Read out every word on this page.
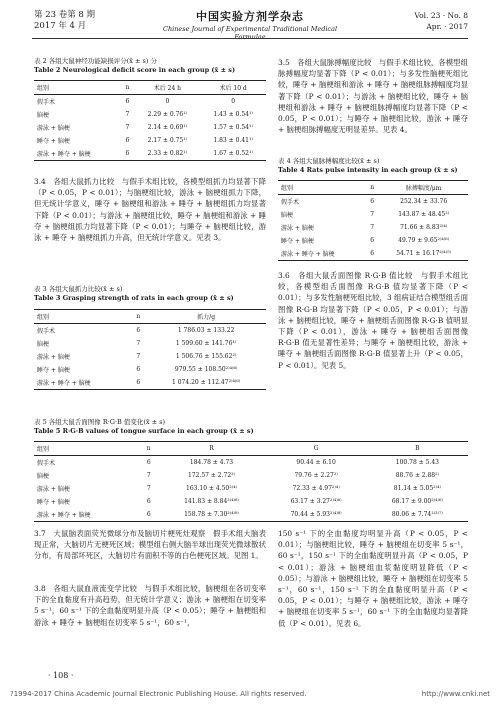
第 23 卷第 8 期
2017 年 4 月
中国实验方剂学杂志
Chinese Journal of Experimental Traditional Medical Formulae
Vol. 23 · No. 8
Apr. · 2017
表 2 各组大鼠神经功能缺损评分(x̄ ± s) 分
Table 2 Neurological deficit score in each group (x̄ ± s)
组别	n	术后 24 h	术后 10 d
假手术	6	0	0
脑梗	7	2.29 ± 0.76¹⁾	1.43 ± 0.54¹⁾
游泳 + 脑梗	7	2.14 ± 0.69¹⁾	1.57 ± 0.54¹⁾
睡夺 + 脑梗	6	2.17 ± 0.75¹⁾	1.83 ± 0.41¹⁾
游泳 + 睡夺 + 脑梗	6	2.33 ± 0.82¹⁾	1.67 ± 0.52¹⁾
3.4　各组大鼠抓力比较　与假手术组比较，各模型组抓力均显著下降（P < 0.05，P < 0.01）；与脑梗组比较，游泳 + 脑梗组抓力下降，但无统计学意义，睡夺 + 脑梗组和游泳 + 睡夺 + 脑梗组抓力均显著下降（P < 0.01）；与游泳 + 脑梗组比较，睡夺 + 脑梗组和游泳 + 睡夺 + 脑梗组抓力均显著下降（P < 0.01）；与睡夺 + 脑梗组比较，游泳 + 睡夺 + 脑梗组抓力升高，但无统计学意义。见表 3。
表 3 各组大鼠抓力比较(x̄ ± s)
Table 3 Grasping strength of rats in each group (x̄ ± s)
组别	n	抓力/g
假手术	6	1 786.03 ± 133.22
脑梗	7	1 599.60 ± 141.76¹⁾
游泳 + 脑梗	7	1 506.76 ± 155.62²⁾
睡夺 + 脑梗	6	979.55 ± 108.50²⁾⁴⁾⁶⁾
游泳 + 睡夺 + 脑梗	6	1 074.20 ± 112.47²⁾⁴⁾⁶⁾
3.5　各组大鼠脉搏幅度比较　与假手术组比较，各模型组脉搏幅度均显著下降（P < 0.01）；与多发性脑梗死组比较，睡夺 + 脑梗组和游泳 + 睡夺 + 脑梗组脉搏幅度均显著下降（P < 0.01）；与游泳 + 脑梗组比较，睡夺 + 脑梗组和游泳 + 睡夺 + 脑梗组脉搏幅度均显著下降（P < 0.05，P < 0.01）；与睡夺 + 脑梗组比较，游泳 + 睡夺 + 脑梗组脉搏幅度无明显差异。见表 4。
表 4 各组大鼠脉搏幅度比较(x̄ ± s)
Table 4 Rats pulse intensity in each group (x̄ ± s)
组别	n	脉搏幅度/μm
假手术	6	252.34 ± 33.76
脑梗	7	143.87 ± 48.45²⁾
游泳 + 脑梗	7	71.66 ± 8.83²⁾⁴⁾
睡夺 + 脑梗	6	49.79 ± 9.65²⁾⁴⁾⁶⁾
游泳 + 睡夺 + 脑梗	6	54.71 ± 16.17²⁾⁴⁾⁵⁾
3.6　各组大鼠舌面图像 R·G·B 值比较　与假手术组比较，各模型组舌面图像 R·G·B 值均显著下降（P < 0.01）；与多发性脑梗死组比较，3 组病证结合模型组舌面图像 R·G·B 均显著下降（P < 0.05，P < 0.01）；与游泳 + 脑梗组比较，睡夺 + 脑梗组舌面图像 R·G·B 值明显下降（P < 0.01），游泳 + 睡夺 + 脑梗组舌面图像 R·G·B 值无显著性差异；与睡夺 + 脑梗组比较，游泳 + 睡夺 + 脑梗组舌面图像 R·G·B 值显著上升（P < 0.05，P < 0.01）。见表 5。
表 5 各组大鼠舌面图像 R·G·B 值变化(x̄ ± s)
Table 5 R·G·B values of tongue surface in each group (x̄ ± s)
组别	n	R	G	B
假手术	6	184.78 ± 4.73	90.44 ± 6.10	100.78 ± 5.43
脑梗	7	172.57 ± 2.72²⁾	79.76 ± 2.27²⁾	88.76 ± 2.88²⁾
游泳 + 脑梗	7	163.10 ± 4.50²⁾⁴⁾	72.33 ± 4.97²⁾⁴⁾	81.14 ± 5.05²⁾⁴⁾
睡夺 + 脑梗	6	141.83 ± 8.84²⁾⁴⁾⁶⁾	63.17 ± 3.27²⁾⁴⁾⁶⁾	68.17 ± 9.00²⁾⁴⁾⁶⁾
游泳 + 睡夺 + 脑梗	6	158.78 ± 7.30²⁾⁴⁾⁸⁾	70.44 ± 5.93²⁾⁴⁾⁸⁾	80.06 ± 7.74²⁾³⁾⁷⁾
3.7　大鼠脑表面荧光微球分布及脑切片梗死灶观察　假手术组大脑表现正常，大脑切片无梗死区域；模型组右侧大脑半球出现荧光微球散状分布，有局部坏死区，大脑切片有面积不等的白色梗死区域。见图 1。
3.8　各组大鼠血液流变学比较　与假手术组比较，脑梗组在各切变率下的全血黏度有升高趋势，但无统计学意义；游泳 + 脑梗组在切变率 5 s⁻¹，60 s⁻¹ 下的全血黏度明显升高（P < 0.05）；睡夺 + 脑梗组和游泳 + 睡夺 + 脑梗组在切变率 5 s⁻¹，60 s⁻¹，
150 s⁻¹ 下的全血黏度均明显升高（P < 0.05，P < 0.01）；与脑梗组比较，睡夺 + 脑梗组在切变率 5 s⁻¹，60 s⁻¹，150 s⁻¹ 下的全血黏度明显升高（P < 0.05，P < 0.01）；游泳 + 脑梗组血浆黏度明显降低（P < 0.05）；与游泳 + 脑梗组比较，睡夺 + 脑梗组在切变率 5 s⁻¹，60 s⁻¹，150 s⁻¹ 下的全血黏度明显升高（P < 0.05，P < 0.01）；与睡夺 + 脑梗组比较，游泳 + 睡夺 + 脑梗组在切变率 5 s⁻¹，60 s⁻¹ 下的全血黏度均显著降低（P < 0.01）。见表 6。
· 108 ·
?1994-2017 China Academic Journal Electronic Publishing House. All rights reserved.	http://www.cnki.net
